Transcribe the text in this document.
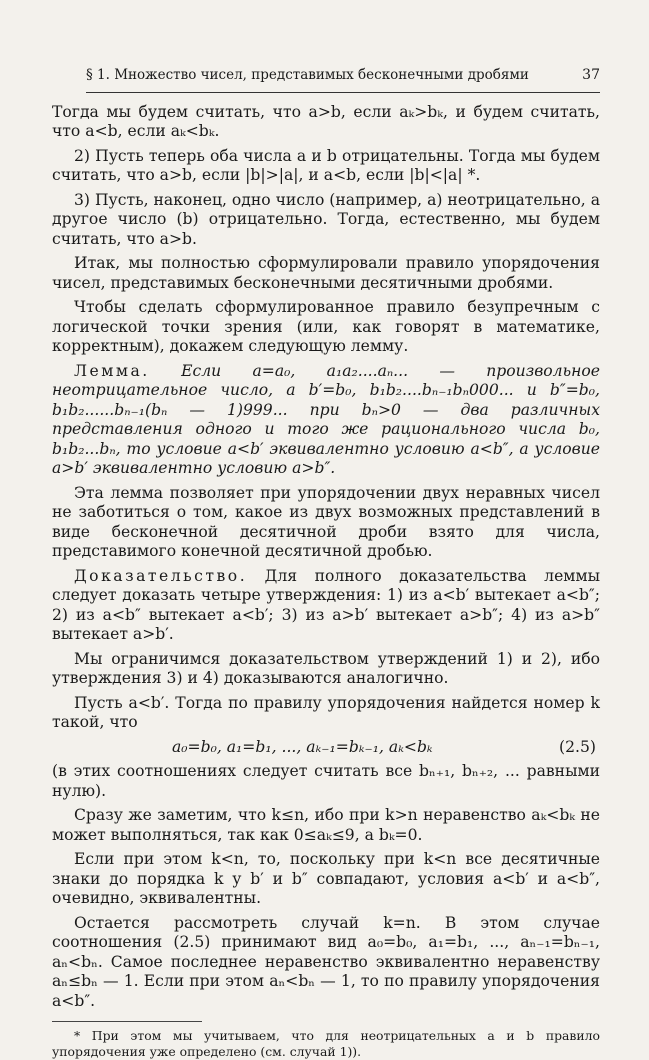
§ 1. Множество чисел, представимых бесконечными дробями	37

Тогда мы будем считать, что a>b, если aₖ>bₖ, и будем считать, что a<b, если aₖ<bₖ.

2) Пусть теперь оба числа a и b отрицательны. Тогда мы будем считать, что a>b, если |b|>|a|, и a<b, если |b|<|a| *.

3) Пусть, наконец, одно число (например, a) неотрицательно, а другое число (b) отрицательно. Тогда, естественно, мы будем считать, что a>b.

Итак, мы полностью сформулировали правило упорядочения чисел, представимых бесконечными десятичными дробями.

Чтобы сделать сформулированное правило безупречным с логической точки зрения (или, как говорят в математике, корректным), докажем следующую лемму.

Лемма. Если a=a₀, a₁a₂....aₙ... — произвольное неотрицательное число, а b′=b₀, b₁b₂....bₙ₋₁bₙ000... и b″=b₀, b₁b₂......bₙ₋₁(bₙ — 1)999... при bₙ>0 — два различных представления одного и того же рационального числа b₀, b₁b₂...bₙ, то условие a<b′ эквивалентно условию a<b″, а условие a>b′ эквивалентно условию a>b″.

Эта лемма позволяет при упорядочении двух неравных чисел не заботиться о том, какое из двух возможных представлений в виде бесконечной десятичной дроби взято для числа, представимого конечной десятичной дробью.

Доказательство. Для полного доказательства леммы следует доказать четыре утверждения: 1) из a<b′ вытекает a<b″; 2) из a<b″ вытекает a<b′; 3) из a>b′ вытекает a>b″; 4) из a>b″ вытекает a>b′.

Мы ограничимся доказательством утверждений 1) и 2), ибо утверждения 3) и 4) доказываются аналогично.

Пусть a<b′. Тогда по правилу упорядочения найдется номер k такой, что

a₀=b₀, a₁=b₁, ..., aₖ₋₁=bₖ₋₁, aₖ<bₖ	(2.5)

(в этих соотношениях следует считать все bₙ₊₁, bₙ₊₂, ... равными нулю).

Сразу же заметим, что k≤n, ибо при k>n неравенство aₖ<bₖ не может выполняться, так как 0≤aₖ≤9, а bₖ=0.

Если при этом k<n, то, поскольку при k<n все десятичные знаки до порядка k у b′ и b″ совпадают, условия a<b′ и a<b″, очевидно, эквивалентны.

Остается рассмотреть случай k=n. В этом случае соотношения (2.5) принимают вид a₀=b₀, a₁=b₁, ..., aₙ₋₁=bₙ₋₁, aₙ<bₙ. Самое последнее неравенство эквивалентно неравенству aₙ≤bₙ — 1. Если при этом aₙ<bₙ — 1, то по правилу упорядочения a<b″.

* При этом мы учитываем, что для неотрицательных a и b правило упорядочения уже определено (см. случай 1)).
